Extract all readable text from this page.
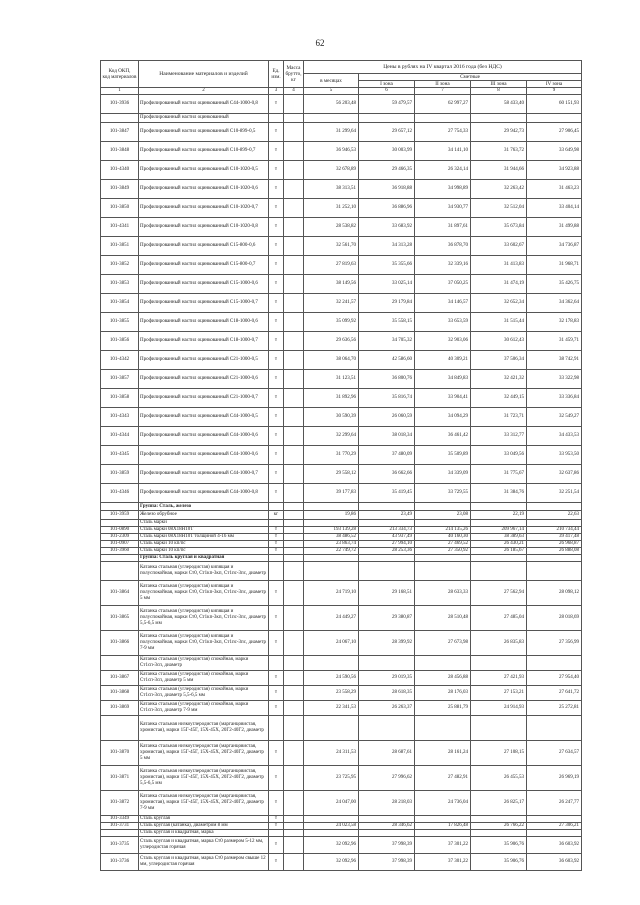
62
Код ОКП,
код материалов	Наименование материалов и изделий	Ед. изм.	Масса брутто, кг	Цены в рублях на IV квартал 2016 года (без НДС)				
				в месяцах	Сметные			
					I зона	II зона	III зона	IV зона
1	2	3	4	5	6	7	8	9
101-3936	Профилированный настил оцинкованный С44-1000-0,8	т		56 203,48	59 479,57	62 997,27	58 433,40	60 151,93
	Профилированный настил оцинкованный							
101-3847	Профилированный настил оцинкованный С10-899-0,5	т		31 299,64	29 657,12	27 754,33	29 942,73	27 906,45
101-3848	Профилированный настил оцинкованный С10-899-0,7	т		36 946,53	30 003,99	34 141,10	31 763,72	33 649,98
101-4340	Профилированный настил оцинкованный С10-1020-0,5	т		32 678,89	29 466,35	26 324,14	31 944,66	34 923,88
101-3849	Профилированный настил оцинкованный С10-1020-0,6	т		38 313,51	36 918,88	34 998,89	32 263,42	31 463,23
101-3850	Профилированный настил оцинкованный С10-1020-0,7	т		31 252,10	36 886,96	34 930,77	32 512,04	33 404,14
101-4341	Профилированный настил оцинкованный С10-1020-0,8	т		28 538,82	33 683,92	31 897,61	35 673,84	31 499,88
101-3851	Профилированный настил оцинкованный С15-800-0,6	т		32 561,70	34 313,28	36 878,70	33 602,67	34 736,87
101-3852	Профилированный настил оцинкованный С15-800-0,7	т		27 819,63	35 355,66	32 339,16	31 413,83	31 968,71
101-3853	Профилированный настил оцинкованный С15-1000-0,6	т		38 149,56	33 025,14	37 050,25	31 474,19	35 426,75
101-3854	Профилированный настил оцинкованный С15-1000-0,7	т		32 241,57	29 179,84	34 146,57	32 652,34	34 362,64
101-3855	Профилированный настил оцинкованный С18-1000-0,6	т		35 099,92	35 558,15	33 653,59	31 515,44	32 178,83
101-3856	Профилированный настил оцинкованный С18-1000-0,7	т		29 636,56	34 705,32	32 903,06	30 612,43	31 459,71
101-4342	Профилированный настил оцинкованный С21-1000-0,5	т		38 064,70	42 586,60	40 309,21	37 506,34	38 742,91
101-3857	Профилированный настил оцинкованный С21-1000-0,6	т		31 123,51	36 800,76	34 849,83	32 421,32	33 322,98
101-3858	Профилированный настил оцинкованный С21-1000-0,7	т		31 892,96	35 816,74	33 904,41	32 449,15	33 336,84
101-4343	Профилированный настил оцинкованный С44-1000-0,5	т		30 590,39	26 060,59	34 094,29	31 723,71	32 549,27
101-4344	Профилированный настил оцинкованный С44-1000-0,6	т		32 299,64	38 018,34	36 461,42	33 312,77	34 433,53
101-4345	Профилированный настил оцинкованный С44-1000-0,6	т		31 770,29	37 480,09	35 509,89	33 049,56	33 953,50
101-3859	Профилированный настил оцинкованный С44-1000-0,7	т		29 558,12	36 662,66	34 339,09	31 775,67	32 637,86
101-4346	Профилированный настил оцинкованный С44-1000-0,8	т		39 177,83	35 419,45	33 729,55	31 384,76	32 251,54
	Группа: Сталь, железо							
101-3959	Железо обрубное	кг		19,86	23,49	23,08	22,19	22,63
	Сталь марки							
101-0890	Сталь марки 08Х18Н10Т	т		193 139,28	213 334,73	214 135,26	209 967,14	210 734,44
101-2309	Сталь марки 08Х18Н10Т толщиной 4-16 мм	т		38 486,52	43 937,49	40 160,30	38 389,63	39 417,48
101-0907	Сталь марки 10 кп/пс	т		23 863,74	27 994,10	27 469,52	26 430,21	26 968,87
101-3960	Сталь марки 10 кп/пс	т		22 749,72	28 253,36	27 350,92	26 185,67	26 888,08
	Группа: Сталь круглая и квадратная							
	Катанка стальная (углеродистая) кипящая и полуспокойная, марки Ст0, Ст1кп-3кп, Ст1пс-3пс, диаметр							
101-3864	Катанка стальная (углеродистая) кипящая и полуспокойная, марки Ст0, Ст1кп-3кп, Ст1пс-3пс, диаметр 5 мм	т		24 719,10	29 168,51	28 633,33	27 562,94	28 098,12
101-3865	Катанка стальная (углеродистая) кипящая и полуспокойная, марки Ст0, Ст1кп-3кп, Ст1пс-3пс, диаметр 5,5-6,5 мм	т		24 449,27	29 380,87	28 510,48	27 485,04	28 018,69
101-3866	Катанка стальная (углеродистая) кипящая и полуспокойная, марки Ст0, Ст1кп-3кп, Ст1пс-3пс, диаметр 7-9 мм	т		24 067,10	28 399,92	27 673,98	26 835,83	27 356,99
	Катанка стальная (углеродистая) спокойная, марки Ст1сп-3сп, диаметр							
101-3867	Катанка стальная (углеродистая) спокойная, марки Ст1сп-3сп, диаметр 5 мм	т		24 590,56	29 019,35	28 456,88	27 421,93	27 954,40
101-3868	Катанка стальная (углеродистая) спокойная, марки Ст1сп-3сп, диаметр 5,5-6,5 мм	т		23 558,29	28 618,35	28 176,03	27 153,21	27 641,72
101-3869	Катанка стальная (углеродистая) спокойная, марки Ст1сп-3сп, диаметр 7-9 мм	т		22 341,53	26 263,37	25 881,79	24 914,93	25 272,81
	Катанка стальная низкоуглеродистая (марганцовистая, хромистая), марки 15Г-45Г, 15Х-45Х, 20Г2-40Г2, диаметр							
101-3870	Катанка стальная низкоуглеродистая (марганцовистая, хромистая), марки 15Г-45Г, 15Х-45Х, 20Г2-40Г2, диаметр 5 мм	т		24 311,53	28 687,61	28 161,24	27 108,15	27 634,57
101-3871	Катанка стальная низкоуглеродистая (марганцовистая, хромистая), марки 15Г-45Г, 15Х-45Х, 20Г2-40Г2, диаметр 5,5-6,5 мм	т		23 725,95	27 996,62	27 482,91	26 455,53	26 969,19
101-3872	Катанка стальная низкоуглеродистая (марганцовистая, хромистая), марки 15Г-45Г, 15Х-45Х, 20Г2-40Г2, диаметр 7-9 мм	т		24 047,00	28 218,03	24 736,04	26 825,17	26 247,77
101-3349	Сталь круглая	т						
101-3731	Сталь круглая (катанка), диаметром 8 мм	т		24 023,58	28 346,62	17 826,48	26 766,22	27 306,21
	Сталь круглая и квадратная, марка							
101-3735	Сталь круглая и квадратная, марка Ст0 размером 5-12 мм, углеродистая горячая	т		32 092,96	37 998,39	37 301,22	35 906,76	36 603,92
101-3736	Сталь круглая и квадратная, марка Ст0 размером свыше 12 мм, углеродистая горячая	т		32 092,96	37 998,39	37 301,22	35 906,76	36 603,92
